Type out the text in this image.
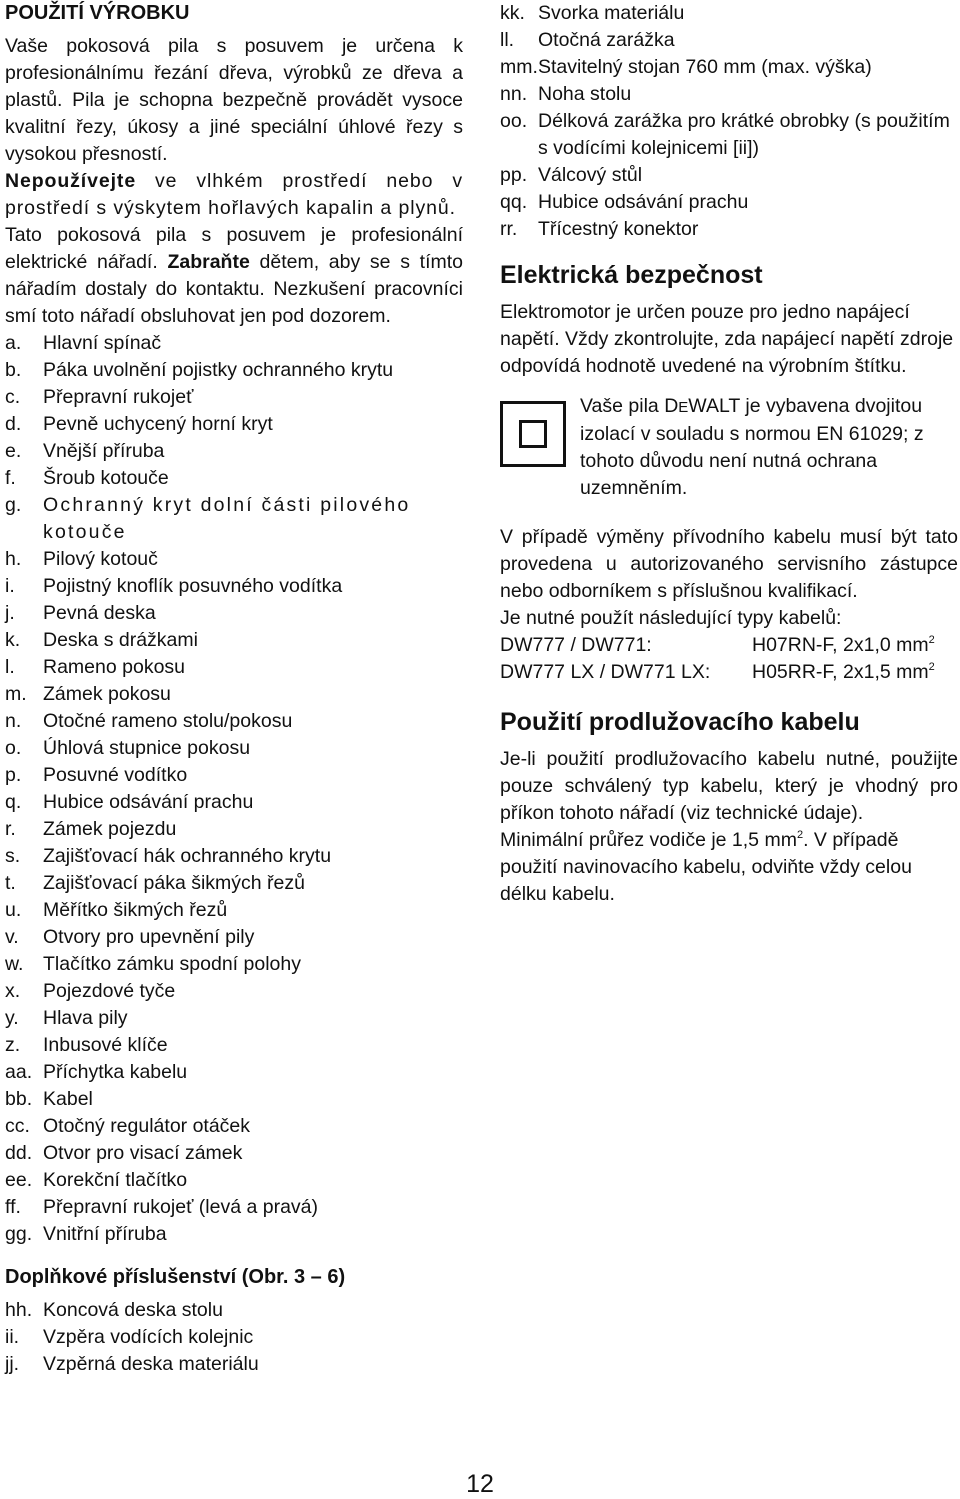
POUŽITÍ VÝROBKU

Vaše pokosová pila s posuvem je určena k profesionálnímu řezání dřeva, výrobků ze dřeva a plastů. Pila je schopna bezpečně provádět vysoce kvalitní řezy, úkosy a jiné speciální úhlové řezy s vysokou přesností.

Nepoužívejte ve vlhkém prostředí nebo v prostředí s výskytem hořlavých kapalin a plynů.

Tato pokosová pila s posuvem je profesionální elektrické nářadí. Zabraňte dětem, aby se s tímto nářadím dostaly do kontaktu. Nezkušení pracovníci smí toto nářadí obsluhovat jen pod dozorem.

a.	Hlavní spínač
b.	Páka uvolnění pojistky ochranného krytu
c.	Přepravní rukojeť
d.	Pevně uchycený horní kryt
e.	Vnější příruba
f.	Šroub kotouče
g.	Ochranný kryt dolní části pilového kotouče
h.	Pilový kotouč
i.	Pojistný knoflík posuvného vodítka
j.	Pevná deska
k.	Deska s drážkami
l.	Rameno pokosu
m. Zámek pokosu
n.	Otočné rameno stolu/pokosu
o.	Úhlová stupnice pokosu
p.	Posuvné vodítko
q.	Hubice odsávání prachu
r.	Zámek pojezdu
s.	Zajišťovací hák ochranného krytu
t.	Zajišťovací páka šikmých řezů
u.	Měřítko šikmých řezů
v.	Otvory pro upevnění pily
w.	Tlačítko zámku spodní polohy
x.	Pojezdové tyče
y.	Hlava pily
z.	Inbusové klíče
aa. Příchytka kabelu
bb. Kabel
cc. Otočný regulátor otáček
dd. Otvor pro visací zámek
ee. Korekční tlačítko
ff.	Přepravní rukojeť (levá a pravá)
gg. Vnitřní příruba
Doplňkové příslušenství (Obr. 3 – 6)
hh. Koncová deska stolu
ii.	Vzpěra vodících kolejnic
jj.	Vzpěrná deska materiálu
kk. Svorka materiálu
ll.	Otočná zarážka
mm. Stavitelný stojan 760 mm (max. výška)
nn. Noha stolu
oo. Délková zarážka pro krátké obrobky (s použitím s vodícími kolejnicemi [ii])
pp. Válcový stůl
qq. Hubice odsávání prachu
rr.	Třícestný konektor
Elektrická bezpečnost

Elektromotor je určen pouze pro jedno napájecí napětí. Vždy zkontrolujte, zda napájecí napětí zdroje odpovídá hodnotě uvedené na výrobním štítku.

Vaše pila DEWALT je vybavena dvojitou izolací v souladu s normou EN 61029; z tohoto důvodu není nutná ochrana uzemněním.

V případě výměny přívodního kabelu musí být tato provedena u autorizovaného servisního zástupce nebo odborníkem s příslušnou kvalifikací.

Je nutné použít následující typy kabelů:

DW777 / DW771:	H07RN-F, 2x1,0 $mm^2$
DW777 LX / DW771 LX:	H05RR-F, 2x1,5 $mm^2$
Použití prodlužovacího kabelu

Je-li použití prodlužovacího kabelu nutné, použijte pouze schválený typ kabelu, který je vhodný pro příkon tohoto nářadí (viz technické údaje).

Minimální průřez vodiče je 1,5 $mm^2$. V případě použití navinovacího kabelu, odviňte vždy celou délku kabelu.

12
